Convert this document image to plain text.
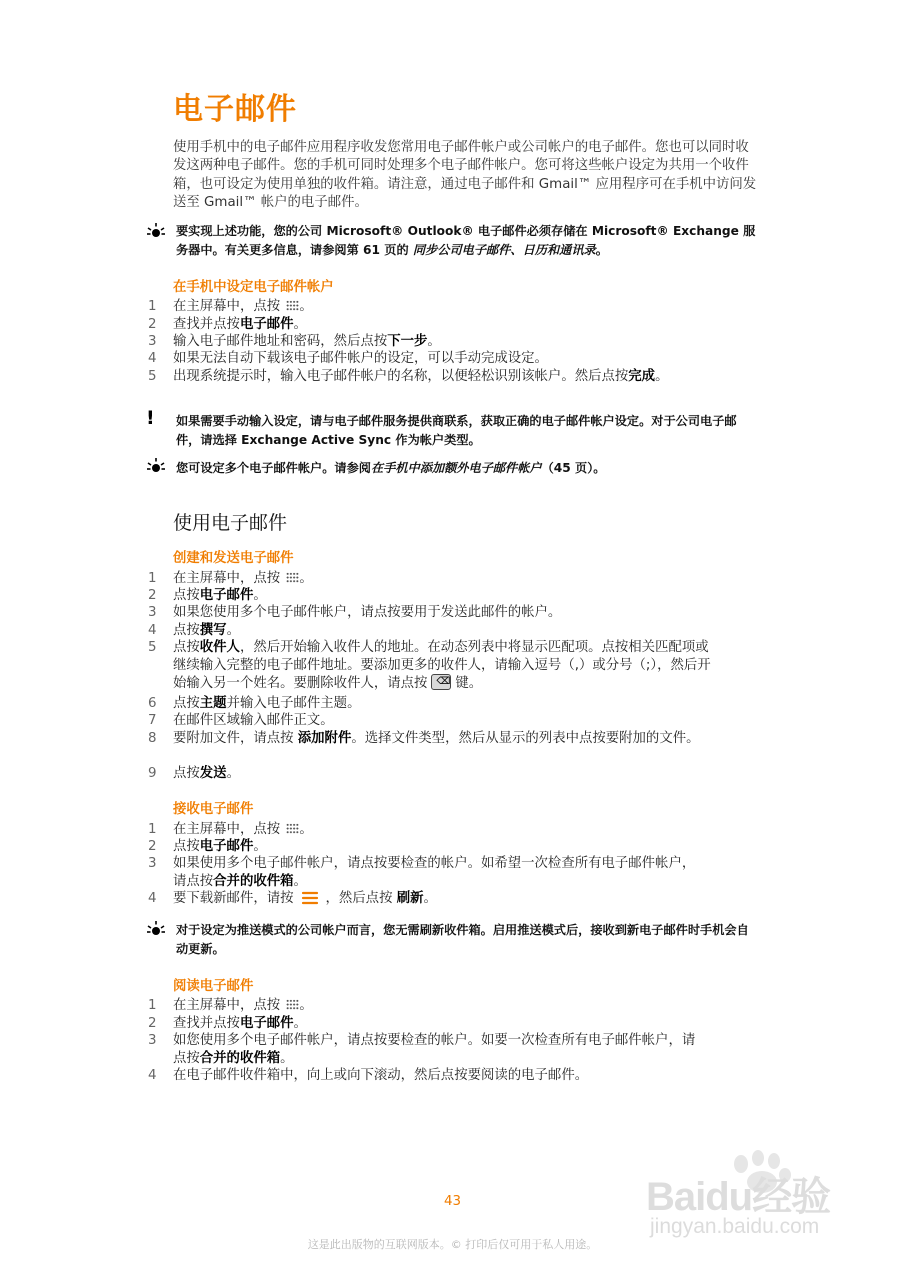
电子邮件

使用手机中的电子邮件应用程序收发您常用电子邮件帐户或公司帐户的电子邮件。您也可以同时收发这两种电子邮件。您的手机可同时处理多个电子邮件帐户。您可将这些帐户设定为共用一个收件箱，也可设定为使用单独的收件箱。请注意，通过电子邮件和 Gmail™ 应用程序可在手机中访问发送至 Gmail™ 帐户的电子邮件。

要实现上述功能，您的公司 Microsoft® Outlook® 电子邮件必须存储在 Microsoft® Exchange 服务器中。有关更多信息，请参阅第 61 页的 同步公司电子邮件、日历和通讯录。

在手机中设定电子邮件帐户
1 在主屏幕中，点按 。
2 查找并点按电子邮件。
3 输入电子邮件地址和密码，然后点按下一步。
4 如果无法自动下载该电子邮件帐户的设定，可以手动完成设定。
5 出现系统提示时，输入电子邮件帐户的名称，以便轻松识别该帐户。然后点按完成。
! 如果需要手动输入设定，请与电子邮件服务提供商联系，获取正确的电子邮件帐户设定。对于公司电子邮件，请选择 Exchange Active Sync 作为帐户类型。

您可设定多个电子邮件帐户。请参阅在手机中添加额外电子邮件帐户（45 页）。

使用电子邮件
创建和发送电子邮件
1 在主屏幕中，点按 。
2 点按电子邮件。
3 如果您使用多个电子邮件帐户，请点按要用于发送此邮件的帐户。
4 点按撰写。
5 点按收件人，然后开始输入收件人的地址。在动态列表中将显示匹配项。点按相关匹配项或继续输入完整的电子邮件地址。要添加更多的收件人，请输入逗号（,）或分号（;），然后开始输入另一个姓名。要删除收件人，请点按 ⌫ 键。
6 点按主题并输入电子邮件主题。
7 在邮件区域输入邮件正文。
8 要附加文件，请点按 添加附件。选择文件类型，然后从显示的列表中点按要附加的文件。
9 点按发送。
接收电子邮件
1 在主屏幕中，点按 。
2 点按电子邮件。
3 如果使用多个电子邮件帐户，请点按要检查的帐户。如希望一次检查所有电子邮件帐户，请点按合并的收件箱。
4 要下载新邮件，请按 ，然后点按 刷新。

对于设定为推送模式的公司帐户而言，您无需刷新收件箱。启用推送模式后，接收到新电子邮件时手机会自动更新。

阅读电子邮件
1 在主屏幕中，点按 。
2 查找并点按电子邮件。
3 如您使用多个电子邮件帐户，请点按要检查的帐户。如要一次检查所有电子邮件帐户，请点按合并的收件箱。
4 在电子邮件收件箱中，向上或向下滚动，然后点按要阅读的电子邮件。
Baidu经验
jingyan.baidu.com
43
这是此出版物的互联网版本。© 打印后仅可用于私人用途。
